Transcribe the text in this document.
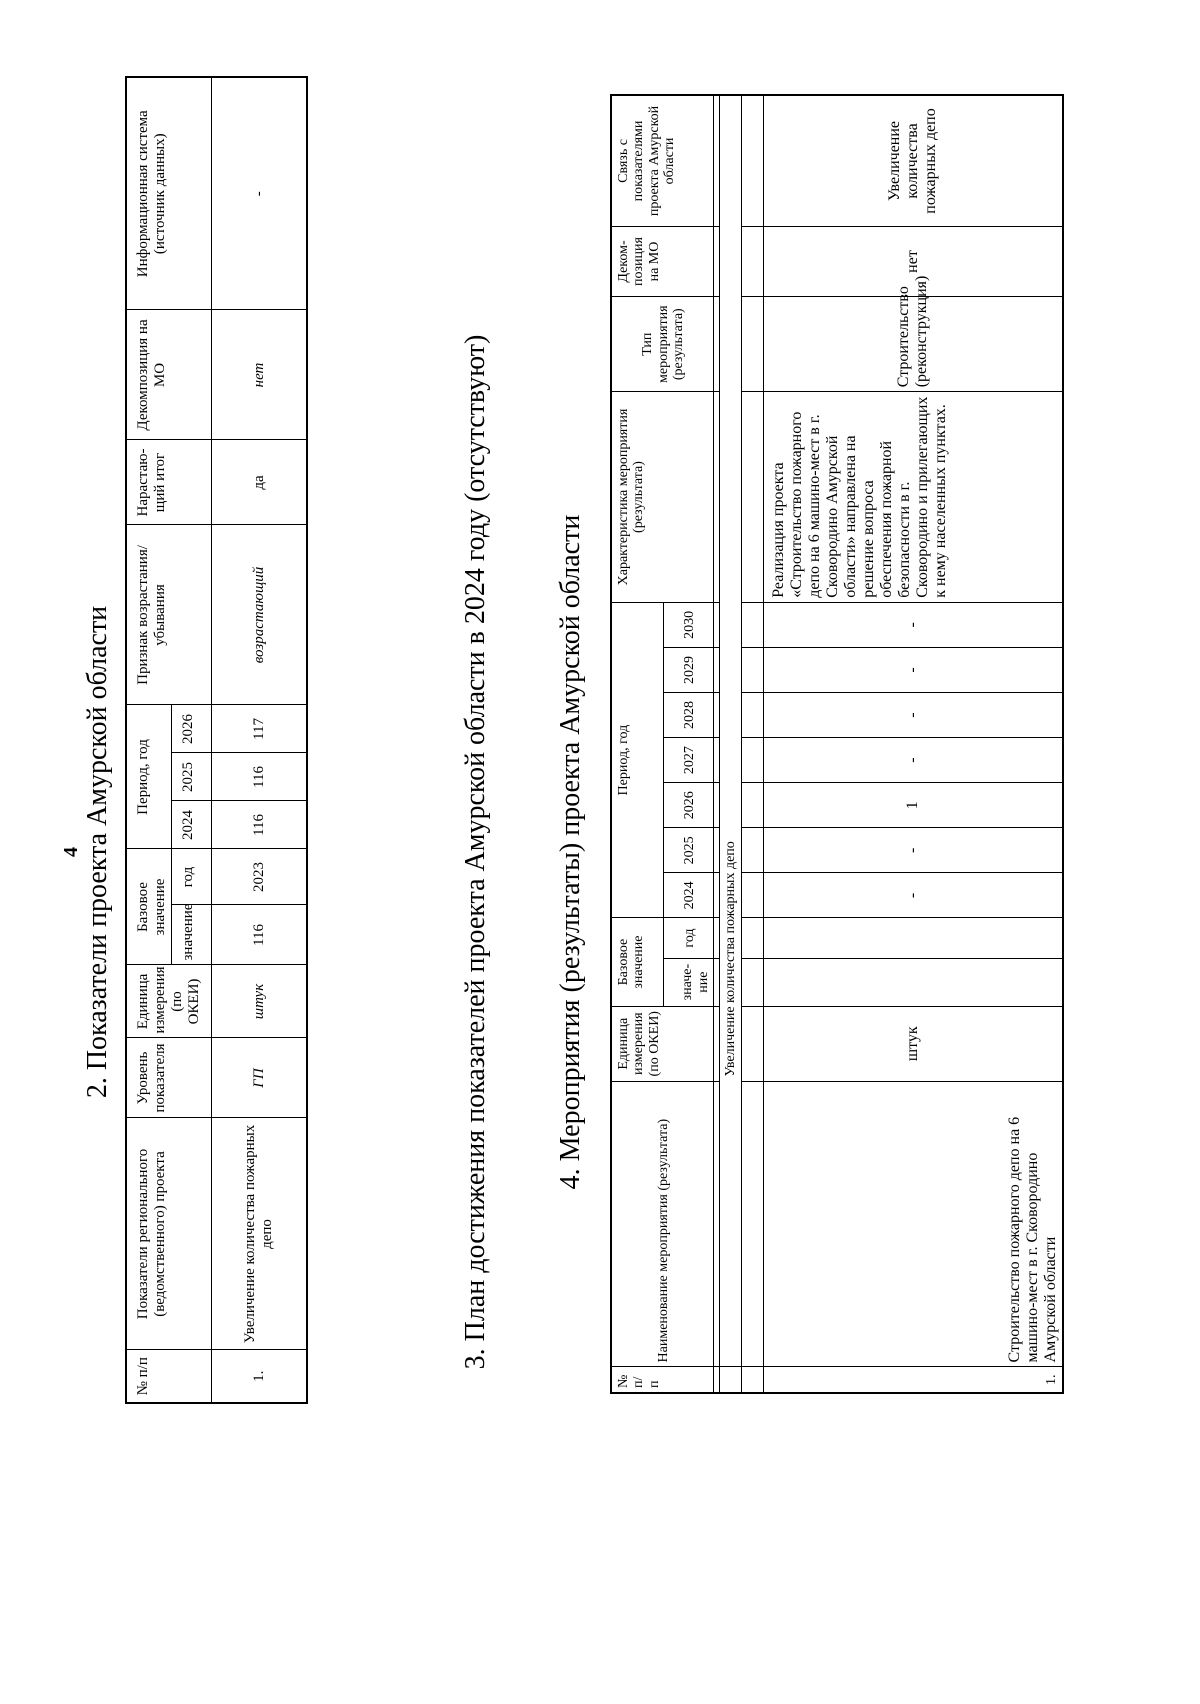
4 2. Показатели проекта Амурской области
№ п/п	Показатели регионального (ведомственного) проекта	Уровень показателя	Единица измерения (по ОКЕИ)	Базовое значение		Период, год			Признак возрастания/ убывания	Нарастаю-щий итог	Декомпозиция на МО	Информационная система (источник данных)
				значение	год	2024	2025	2026				
1.	Увеличение количества пожарных депо	ГП	штук	116	2023	116	116	117	возрастающий	да	нет	-
3. План достижения показателей проекта Амурской области в 2024 году (отсутствуют) 4. Мероприятия (результаты) проекта Амурской области
№ п/п	Наименование мероприятия (результата)	Единица измерения (по ОКЕИ)	Базовое значение		Период, год							Характеристика мероприятия (результата)	Тип мероприятия (результата)	Деком-позиция на МО	Связь с показателями проекта Амурской области
			значе-ние	год	2024	2025	2026	2027	2028	2029	2030				

	Увеличение количества пожарных депо														

1.	Строительство пожарного депо на 6 машино-мест в г. Сковородино Амурской области	штук			-	-	1	-	-	-	-	Реализация проекта «Строительство пожарного депо на 6 машино-мест в г. Сковородино Амурской области» направлена на решение вопроса обеспечения пожарной безопасности в г. Сковородино и прилегающих к нему населенных пунктах.	Строительство (реконструкция)	нет	Увеличение количества пожарных депо
